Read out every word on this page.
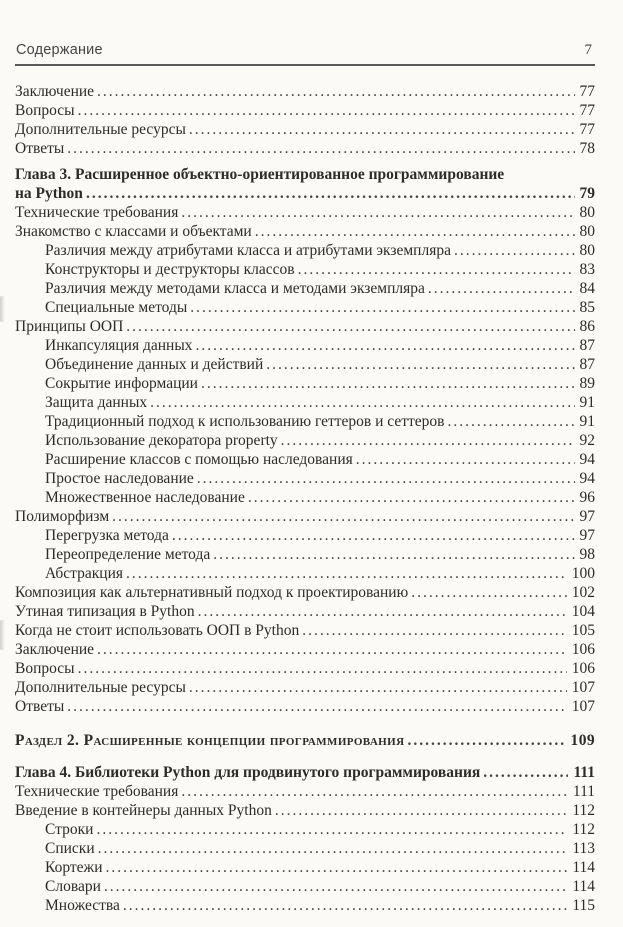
Содержание	7
Заключение .....	77
Вопросы .....	77
Дополнительные ресурсы .....	77
Ответы .....	78
Глава 3. Расширенное объектно-ориентированное программирование
на Python .....	79
Технические требования .....	80
Знакомство с классами и объектами .....	80
Различия между атрибутами класса и атрибутами экземпляра .....	80
Конструкторы и деструкторы классов .....	83
Различия между методами класса и методами экземпляра .....	84
Специальные методы .....	85
Принципы ООП .....	86
Инкапсуляция данных .....	87
Объединение данных и действий .....	87
Сокрытие информации .....	89
Защита данных .....	91
Традиционный подход к использованию геттеров и сеттеров .....	91
Использование декоратора property .....	92
Расширение классов с помощью наследования .....	94
Простое наследование .....	94
Множественное наследование .....	96
Полиморфизм .....	97
Перегрузка метода .....	97
Переопределение метода .....	98
Абстракция .....	100
Композиция как альтернативный подход к проектированию .....	102
Утиная типизация в Python .....	104
Когда не стоит использовать ООП в Python .....	105
Заключение .....	106
Вопросы .....	106
Дополнительные ресурсы .....	107
Ответы .....	107
Раздел 2. Расширенные концепции программирования .....	109
Глава 4. Библиотеки Python для продвинутого программирования .....	111
Технические требования .....	111
Введение в контейнеры данных Python .....	112
Строки .....	112
Списки .....	113
Кортежи .....	114
Словари .....	114
Множества .....	115
